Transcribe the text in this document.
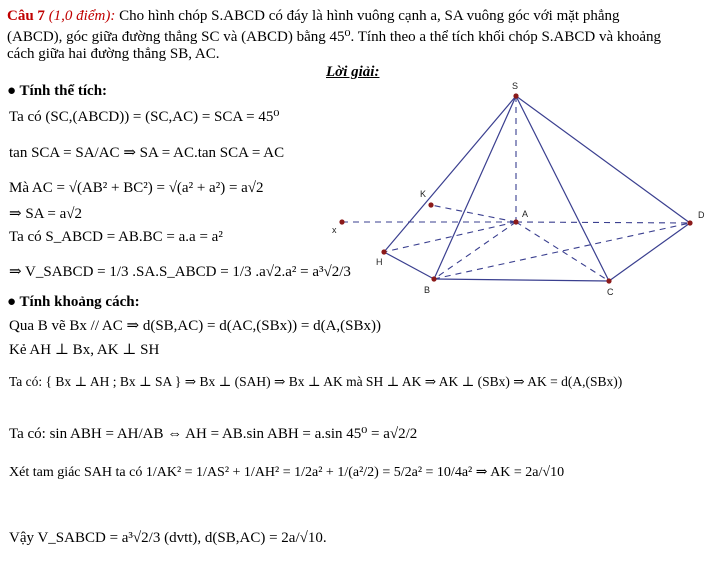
Câu 7 (1,0 điểm): Cho hình chóp S.ABCD có đáy là hình vuông cạnh a, SA vuông góc với mặt phẳng
(ABCD), góc giữa đường thẳng SC và (ABCD) bằng 45⁰. Tính theo a thể tích khối chóp S.ABCD và khoảng
cách giữa hai đường thẳng SB, AC.
Lời giải:
● Tính thể tích:
Ta có (SC,(ABCD)) = (SC,AC) = SCA = 45⁰
tan SCA = SA/AC ⇒ SA = AC.tan SCA = AC
Mà AC = √(AB² + BC²) = √(a² + a²) = a√2
⇒ SA = a√2
Ta có S_ABCD = AB.BC = a.a = a²
⇒ V_SABCD = 1/3 .SA.S_ABCD = 1/3 .a√2.a² = a³√2/3
● Tính khoảng cách:
Qua B vẽ Bx // AC ⇒ d(SB,AC) = d(AC,(SBx)) = d(A,(SBx))
Kẻ AH ⊥ Bx, AK ⊥ SH
Ta có: { Bx ⊥ AH ; Bx ⊥ SA } ⇒ Bx ⊥ (SAH) ⇒ Bx ⊥ AK mà SH ⊥ AK ⇒ AK ⊥ (SBx) ⇒ AK = d(A,(SBx))
Ta có: sin ABH = AH/AB ⇔ AH = AB.sin ABH = a.sin 45⁰ = a√2/2
Xét tam giác SAH ta có 1/AK² = 1/AS² + 1/AH² = 1/2a² + 1/(a²/2) = 5/2a² = 10/4a² ⇒ AK = 2a/√10
Vậy V_SABCD = a³√2/3 (dvtt), d(SB,AC) = 2a/√10.
S
K
A	D
x
H
B	C
